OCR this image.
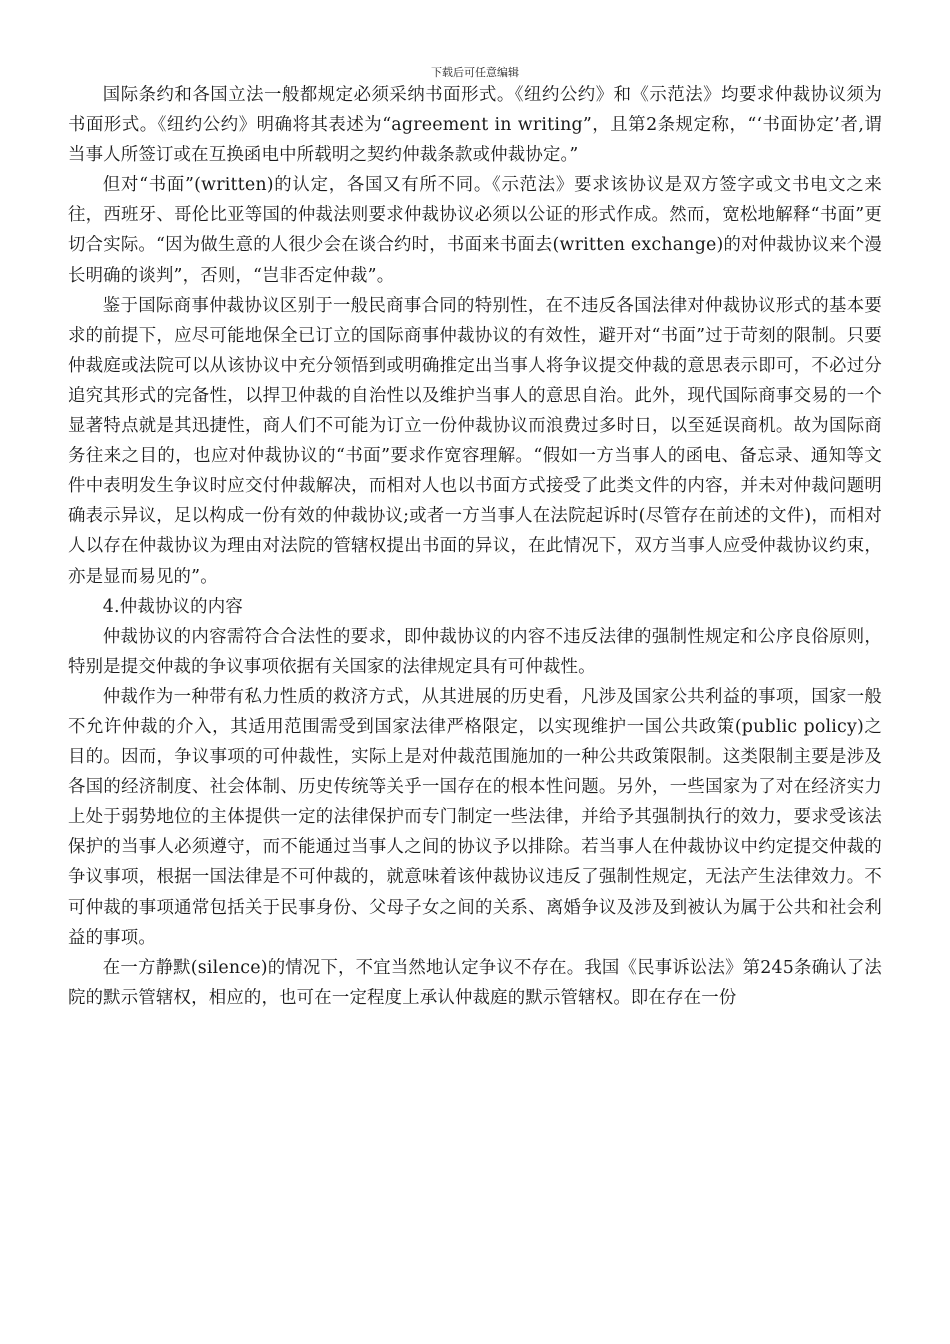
下载后可任意编辑

国际条约和各国立法一般都规定必须采纳书面形式。《纽约公约》和《示范法》均要求仲裁协议须为书面形式。《纽约公约》明确将其表述为“agreement in writing”，且第2条规定称，“‘书面协定’者,谓当事人所签订或在互换函电中所载明之契约仲裁条款或仲裁协定。”

但对“书面”(written)的认定，各国又有所不同。《示范法》要求该协议是双方签字或文书电文之来往，西班牙、哥伦比亚等国的仲裁法则要求仲裁协议必须以公证的形式作成。然而，宽松地解释“书面”更切合实际。“因为做生意的人很少会在谈合约时，书面来书面去(written exchange)的对仲裁协议来个漫长明确的谈判”，否则，“岂非否定仲裁”。

鉴于国际商事仲裁协议区别于一般民商事合同的特别性，在不违反各国法律对仲裁协议形式的基本要求的前提下，应尽可能地保全已订立的国际商事仲裁协议的有效性，避开对“书面”过于苛刻的限制。只要仲裁庭或法院可以从该协议中充分领悟到或明确推定出当事人将争议提交仲裁的意思表示即可，不必过分追究其形式的完备性，以捍卫仲裁的自治性以及维护当事人的意思自治。此外，现代国际商事交易的一个显著特点就是其迅捷性，商人们不可能为订立一份仲裁协议而浪费过多时日，以至延误商机。故为国际商务往来之目的，也应对仲裁协议的“书面”要求作宽容理解。“假如一方当事人的函电、备忘录、通知等文件中表明发生争议时应交付仲裁解决，而相对人也以书面方式接受了此类文件的内容，并未对仲裁问题明确表示异议，足以构成一份有效的仲裁协议;或者一方当事人在法院起诉时(尽管存在前述的文件)，而相对人以存在仲裁协议为理由对法院的管辖权提出书面的异议，在此情况下，双方当事人应受仲裁协议约束，亦是显而易见的”。

4.仲裁协议的内容

仲裁协议的内容需符合合法性的要求，即仲裁协议的内容不违反法律的强制性规定和公序良俗原则，特别是提交仲裁的争议事项依据有关国家的法律规定具有可仲裁性。

仲裁作为一种带有私力性质的救济方式，从其进展的历史看，凡涉及国家公共利益的事项，国家一般不允许仲裁的介入，其适用范围需受到国家法律严格限定，以实现维护一国公共政策(public policy)之目的。因而，争议事项的可仲裁性，实际上是对仲裁范围施加的一种公共政策限制。这类限制主要是涉及各国的经济制度、社会体制、历史传统等关乎一国存在的根本性问题。另外，一些国家为了对在经济实力上处于弱势地位的主体提供一定的法律保护而专门制定一些法律，并给予其强制执行的效力，要求受该法保护的当事人必须遵守，而不能通过当事人之间的协议予以排除。若当事人在仲裁协议中约定提交仲裁的争议事项，根据一国法律是不可仲裁的，就意味着该仲裁协议违反了强制性规定，无法产生法律效力。不可仲裁的事项通常包括关于民事身份、父母子女之间的关系、离婚争议及涉及到被认为属于公共和社会利益的事项。

在一方静默(silence)的情况下，不宜当然地认定争议不存在。我国《民事诉讼法》第245条确认了法院的默示管辖权，相应的，也可在一定程度上承认仲裁庭的默示管辖权。即在存在一份
